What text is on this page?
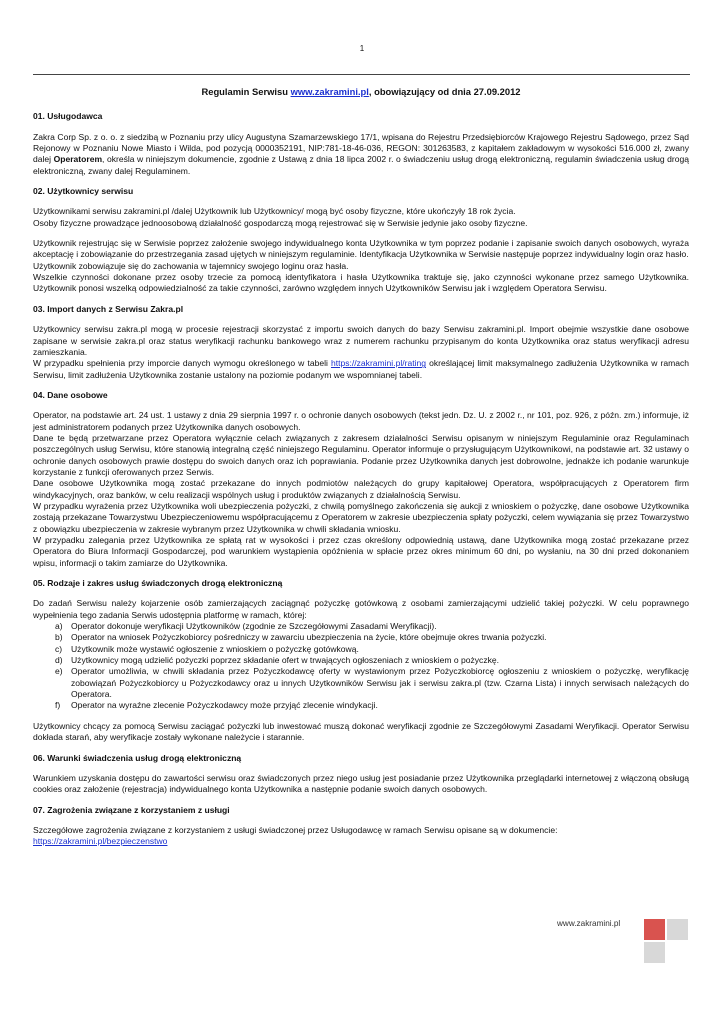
1
Regulamin Serwisu www.zakramini.pl, obowiązujący od dnia 27.09.2012
01. Usługodawca

Zakra Corp Sp. z o. o. z siedzibą w Poznaniu przy ulicy Augustyna Szamarzewskiego 17/1, wpisana do Rejestru Przedsiębiorców Krajowego Rejestru Sądowego, przez Sąd Rejonowy w Poznaniu Nowe Miasto i Wilda, pod pozycją 0000352191, NIP:781-18-46-036, REGON: 301263583, z kapitałem zakładowym w wysokości 516.000 zł, zwany dalej Operatorem, określa w niniejszym dokumencie, zgodnie z Ustawą z dnia 18 lipca 2002 r. o świadczeniu usług drogą elektroniczną, regulamin świadczenia usług drogą elektroniczną, zwany dalej Regulaminem.

02. Użytkownicy serwisu

Użytkownikami serwisu zakramini.pl /dalej Użytkownik lub Użytkownicy/ mogą być osoby fizyczne, które ukończyły 18 rok życia.

Osoby fizyczne prowadzące jednoosobową działalność gospodarczą mogą rejestrować się w Serwisie jedynie jako osoby fizyczne.

Użytkownik rejestrując się w Serwisie poprzez założenie swojego indywidualnego konta Użytkownika w tym poprzez podanie i zapisanie swoich danych osobowych, wyraża akceptację i zobowiązanie do przestrzegania zasad ujętych w niniejszym regulaminie. Identyfikacja Użytkownika w Serwisie następuje poprzez indywidualny login oraz hasło.

Użytkownik zobowiązuje się do zachowania w tajemnicy swojego loginu oraz hasła.

Wszelkie czynności dokonane przez osoby trzecie za pomocą identyfikatora i hasła Użytkownika traktuje się, jako czynności wykonane przez samego Użytkownika. Użytkownik ponosi wszelką odpowiedzialność za takie czynności, zarówno względem innych Użytkowników Serwisu jak i względem Operatora Serwisu.

03. Import danych z Serwisu Zakra.pl

Użytkownicy serwisu zakra.pl mogą w procesie rejestracji skorzystać z importu swoich danych do bazy Serwisu zakramini.pl. Import obejmie wszystkie dane osobowe zapisane w serwisie zakra.pl oraz status weryfikacji rachunku bankowego wraz z numerem rachunku przypisanym do konta Użytkownika oraz status weryfikacji adresu zamieszkania.

W przypadku spełnienia przy imporcie danych wymogu określonego w tabeli https://zakramini.pl/rating określającej limit maksymalnego zadłużenia Użytkownika w ramach Serwisu, limit zadłużenia Użytkownika zostanie ustalony na poziomie podanym we wspomnianej tabeli.

04. Dane osobowe

Operator, na podstawie art. 24 ust. 1 ustawy z dnia 29 sierpnia 1997 r. o ochronie danych osobowych (tekst jedn. Dz. U. z 2002 r., nr 101, poz. 926, z późn. zm.) informuje, iż jest administratorem podanych przez Użytkownika danych osobowych.

Dane te będą przetwarzane przez Operatora wyłącznie celach związanych z zakresem działalności Serwisu opisanym w niniejszym Regulaminie oraz Regulaminach poszczególnych usług Serwisu, które stanowią integralną część niniejszego Regulaminu. Operator informuje o przysługującym Użytkownikowi, na podstawie art. 32 ustawy o ochronie danych osobowych prawie dostępu do swoich danych oraz ich poprawiania. Podanie przez Użytkownika danych jest dobrowolne, jednakże ich podanie warunkuje korzystanie z funkcji oferowanych przez Serwis.

Dane osobowe Użytkownika mogą zostać przekazane do innych podmiotów należących do grupy kapitałowej Operatora, współpracujących z Operatorem firm windykacyjnych, oraz banków, w celu realizacji wspólnych usług i produktów związanych z działalnością Serwisu.

W przypadku wyrażenia przez Użytkownika woli ubezpieczenia pożyczki, z chwilą pomyślnego zakończenia się aukcji z wnioskiem o pożyczkę, dane osobowe Użytkownika zostają przekazane Towarzystwu Ubezpieczeniowemu współpracującemu z Operatorem w zakresie ubezpieczenia spłaty pożyczki, celem wywiązania się przez Towarzystwo z obowiązku ubezpieczenia w zakresie wybranym przez Użytkownika w chwili składania wniosku.

W przypadku zalegania przez Użytkownika ze spłatą rat w wysokości i przez czas określony odpowiednią ustawą, dane Użytkownika mogą zostać przekazane przez Operatora do Biura Informacji Gospodarczej, pod warunkiem wystąpienia opóźnienia w spłacie przez okres minimum 60 dni, po wysłaniu, na 30 dni przed dokonaniem wpisu, informacji o takim zamiarze do Użytkownika.

05. Rodzaje i zakres usług świadczonych drogą elektroniczną

Do zadań Serwisu należy kojarzenie osób zamierzających zaciągnąć pożyczkę gotówkową z osobami zamierzającymi udzielić takiej pożyczki. W celu poprawnego wypełnienia tego zadania Serwis udostępnia platformę w ramach, której:

a) Operator dokonuje weryfikacji Użytkowników (zgodnie ze Szczegółowymi Zasadami Weryfikacji).
b) Operator na wniosek Pożyczkobiorcy pośredniczy w zawarciu ubezpieczenia na życie, które obejmuje okres trwania pożyczki.
c) Użytkownik może wystawić ogłoszenie z wnioskiem o pożyczkę gotówkową.
d) Użytkownicy mogą udzielić pożyczki poprzez składanie ofert w trwających ogłoszeniach z wnioskiem o pożyczkę.
e) Operator umożliwia, w chwili składania przez Pożyczkodawcę oferty w wystawionym przez Pożyczkobiorcę ogłoszeniu z wnioskiem o pożyczkę, weryfikację zobowiązań Pożyczkobiorcy u Pożyczkodawcy oraz u innych Użytkowników Serwisu jak i serwisu zakra.pl (tzw. Czarna Lista) i innych serwisach należących do Operatora.
f) Operator na wyraźne zlecenie Pożyczkodawcy może przyjąć zlecenie windykacji.

Użytkownicy chcący za pomocą Serwisu zaciągać pożyczki lub inwestować muszą dokonać weryfikacji zgodnie ze Szczegółowymi Zasadami Weryfikacji. Operator Serwisu dokłada starań, aby weryfikacje zostały wykonane należycie i starannie.

06. Warunki świadczenia usług drogą elektroniczną

Warunkiem uzyskania dostępu do zawartości serwisu oraz świadczonych przez niego usług jest posiadanie przez Użytkownika przeglądarki internetowej z włączoną obsługą cookies oraz założenie (rejestracja) indywidualnego konta Użytkownika a następnie podanie swoich danych osobowych.

07. Zagrożenia związane z korzystaniem z usługi

Szczegółowe zagrożenia związane z korzystaniem z usługi świadczonej przez Usługodawcę w ramach Serwisu opisane są w dokumencie:

https://zakramini.pl/bezpieczenstwo

www.zakramini.pl
